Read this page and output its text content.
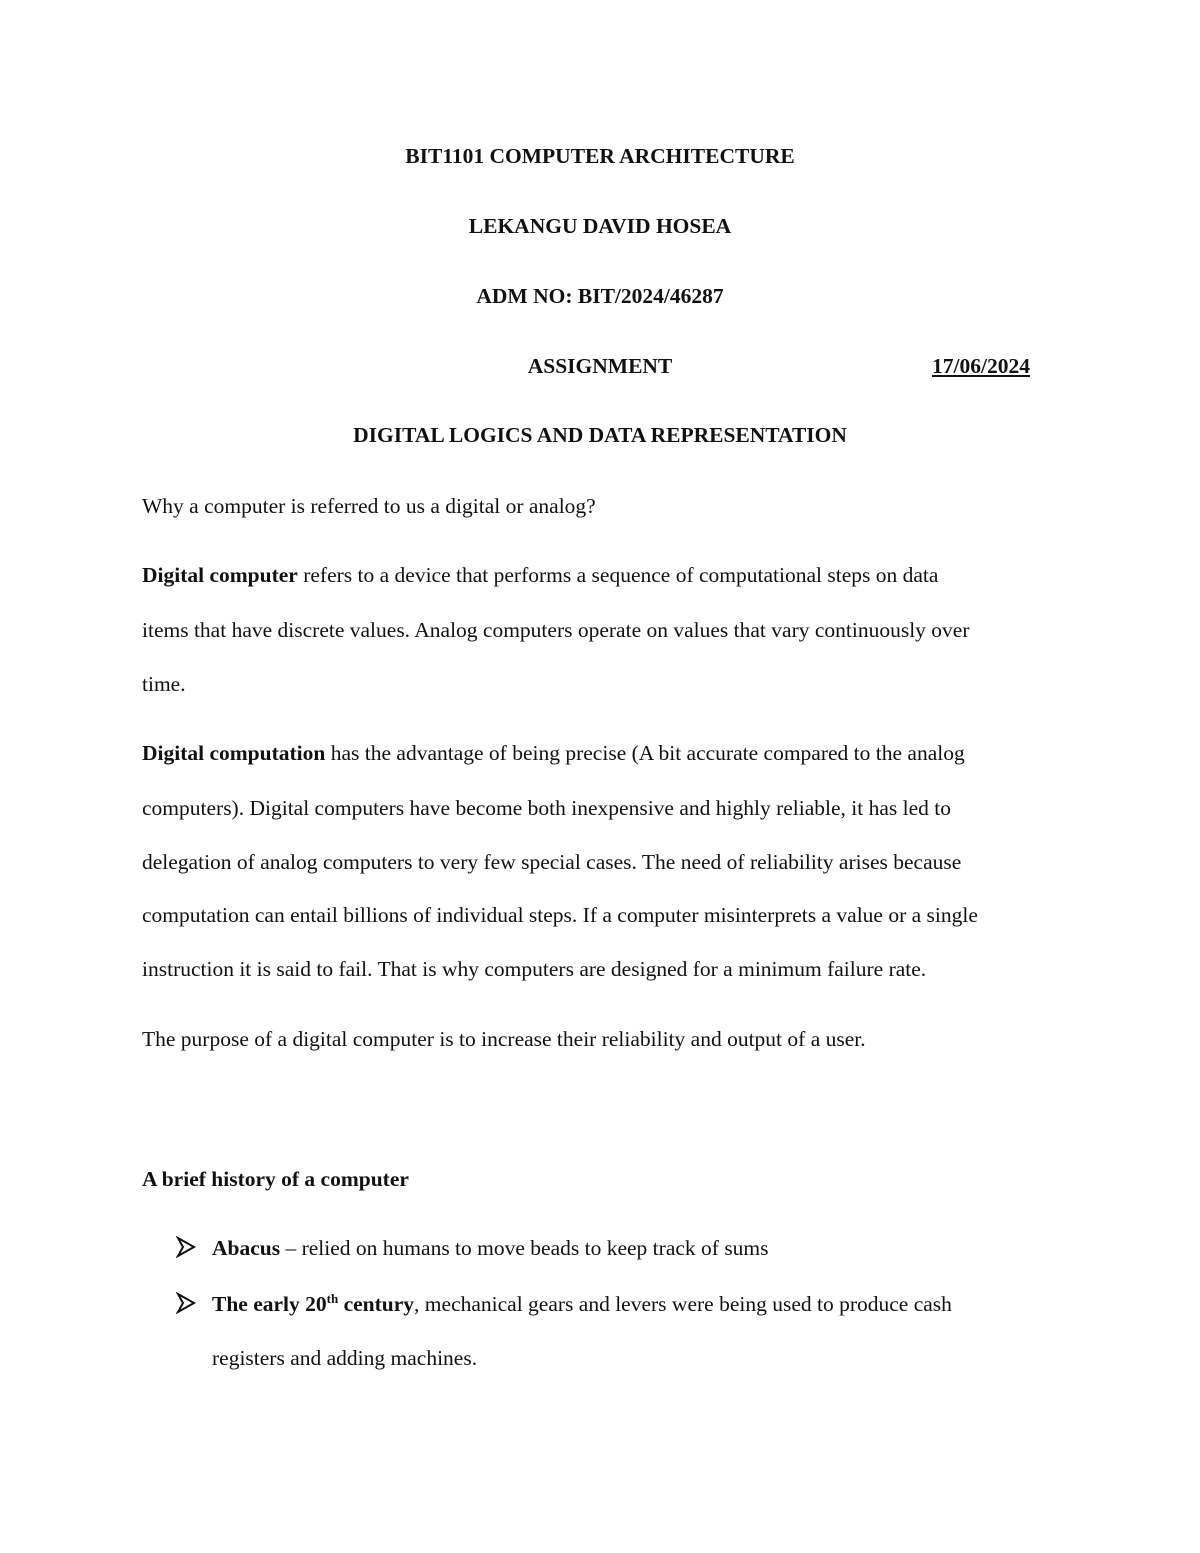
BIT1101 COMPUTER ARCHITECTURE
LEKANGU DAVID HOSEA
ADM NO: BIT/2024/46287
ASSIGNMENT	17/06/2024
DIGITAL LOGICS AND DATA REPRESENTATION
Why a computer is referred to us a digital or analog?
Digital computer refers to a device that performs a sequence of computational steps on data
items that have discrete values. Analog computers operate on values that vary continuously over
time.
Digital computation has the advantage of being precise (A bit accurate compared to the analog
computers). Digital computers have become both inexpensive and highly reliable, it has led to
delegation of analog computers to very few special cases. The need of reliability arises because
computation can entail billions of individual steps. If a computer misinterprets a value or a single
instruction it is said to fail. That is why computers are designed for a minimum failure rate.
The purpose of a digital computer is to increase their reliability and output of a user.
A brief history of a computer
Abacus – relied on humans to move beads to keep track of sums
The early 20th century, mechanical gears and levers were being used to produce cash
registers and adding machines.
